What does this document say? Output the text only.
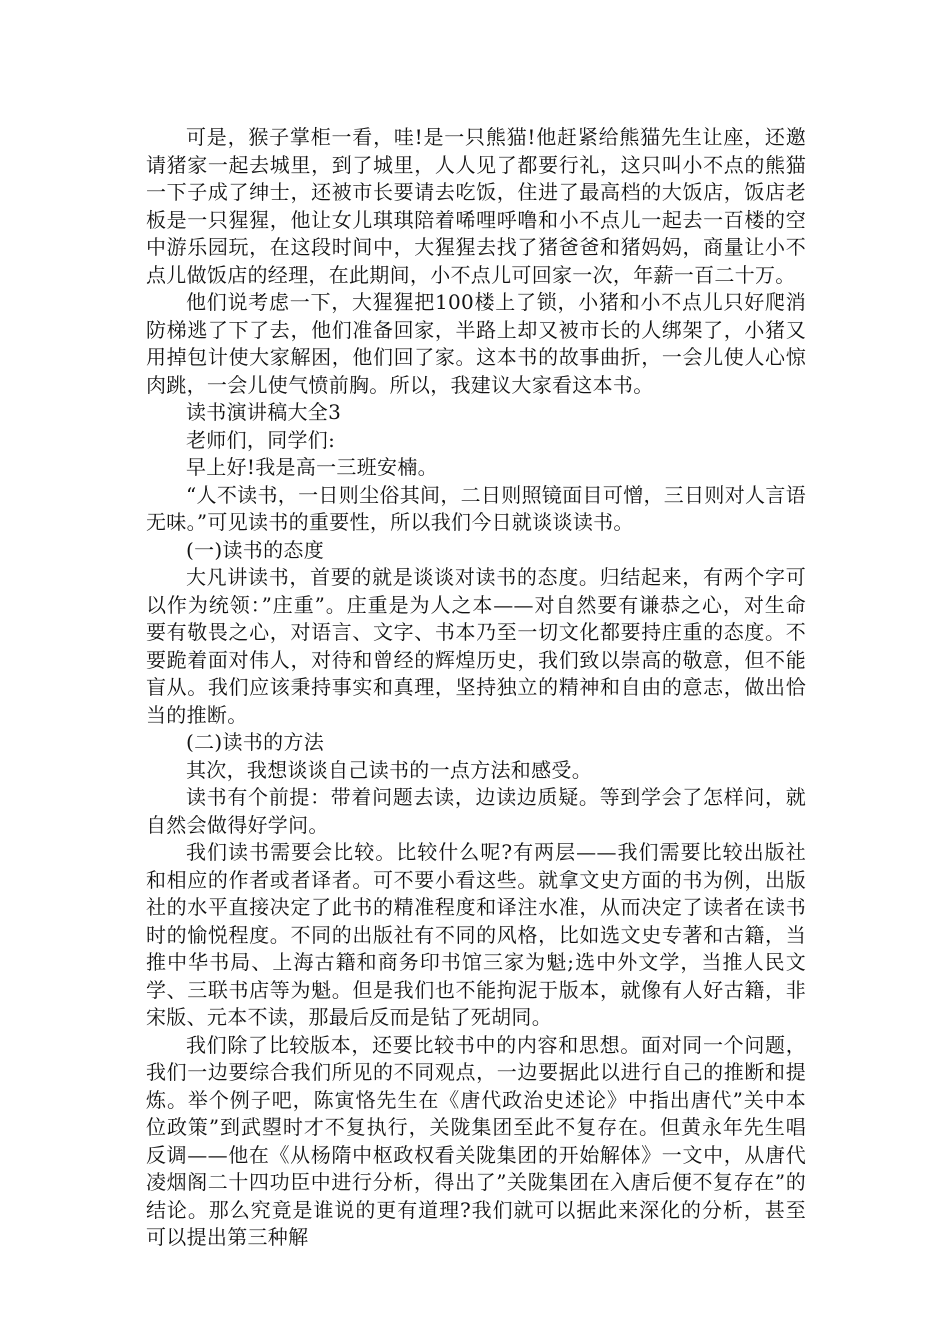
可是，猴子掌柜一看，哇!是一只熊猫!他赶紧给熊猫先生让座，还邀请猪家一起去城里，到了城里，人人见了都要行礼，这只叫小不点的熊猫一下子成了绅士，还被市长要请去吃饭，住进了最高档的大饭店，饭店老板是一只猩猩，他让女儿琪琪陪着唏哩呼噜和小不点儿一起去一百楼的空中游乐园玩，在这段时间中，大猩猩去找了猪爸爸和猪妈妈，商量让小不点儿做饭店的经理，在此期间，小不点儿可回家一次，年薪一百二十万。

他们说考虑一下，大猩猩把100楼上了锁，小猪和小不点儿只好爬消防梯逃了下了去，他们准备回家，半路上却又被市长的人绑架了，小猪又用掉包计使大家解困，他们回了家。这本书的故事曲折，一会儿使人心惊肉跳，一会儿使气愤前胸。所以，我建议大家看这本书。

读书演讲稿大全3

老师们，同学们:

早上好!我是高一三班安楠。

“人不读书，一日则尘俗其间，二日则照镜面目可憎，三日则对人言语无味。”可见读书的重要性，所以我们今日就谈谈读书。

(一)读书的态度

大凡讲读书，首要的就是谈谈对读书的态度。归结起来，有两个字可以作为统领：”庄重”。庄重是为人之本——对自然要有谦恭之心，对生命要有敬畏之心，对语言、文字、书本乃至一切文化都要持庄重的态度。不要跪着面对伟人，对待和曾经的辉煌历史，我们致以崇高的敬意，但不能盲从。我们应该秉持事实和真理，坚持独立的精神和自由的意志，做出恰当的推断。

(二)读书的方法

其次，我想谈谈自己读书的一点方法和感受。

读书有个前提：带着问题去读，边读边质疑。等到学会了怎样问，就自然会做得好学问。

我们读书需要会比较。比较什么呢?有两层——我们需要比较出版社和相应的作者或者译者。可不要小看这些。就拿文史方面的书为例，出版社的水平直接决定了此书的精准程度和译注水准，从而决定了读者在读书时的愉悦程度。不同的出版社有不同的风格，比如选文史专著和古籍，当推中华书局、上海古籍和商务印书馆三家为魁;选中外文学，当推人民文学、三联书店等为魁。但是我们也不能拘泥于版本，就像有人好古籍，非宋版、元本不读，那最后反而是钻了死胡同。

我们除了比较版本，还要比较书中的内容和思想。面对同一个问题，我们一边要综合我们所见的不同观点，一边要据此以进行自己的推断和提炼。举个例子吧，陈寅恪先生在《唐代政治史述论》中指出唐代”关中本位政策”到武曌时才不复执行，关陇集团至此不复存在。但黄永年先生唱反调——他在《从杨隋中枢政权看关陇集团的开始解体》一文中，从唐代凌烟阁二十四功臣中进行分析，得出了”关陇集团在入唐后便不复存在”的结论。那么究竟是谁说的更有道理?我们就可以据此来深化的分析，甚至可以提出第三种解
